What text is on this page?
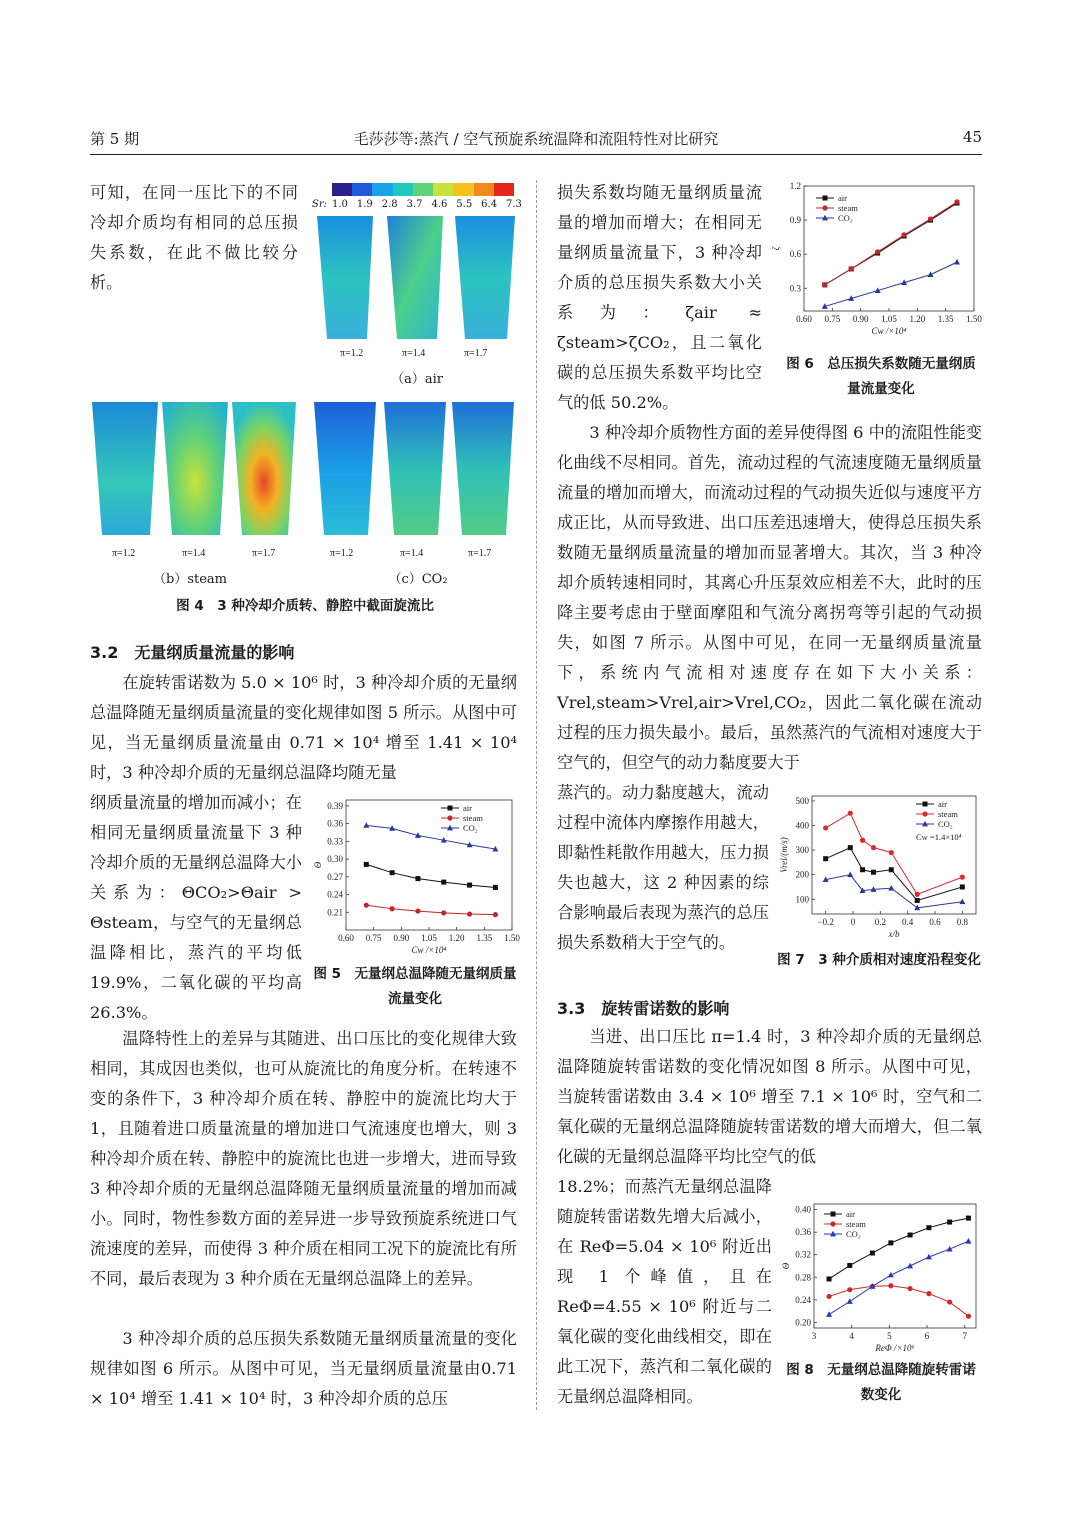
第 5 期	毛莎莎等:蒸汽 / 空气预旋系统温降和流阻特性对比研究	45

可知，在同一压比下的不同冷却介质均有相同的总压损失系数，在此不做比较分析。

Sr: 1.0 1.9 2.8 3.7 4.6 5.5 6.4 7.3
π=1.2	π=1.4	π=1.7
（a）air
π=1.2	π=1.4	π=1.7
（b）steam
π=1.2	π=1.4	π=1.7
（c）CO₂
图 4　3 种冷却介质转、静腔中截面旋流比
3.2　无量纲质量流量的影响

在旋转雷诺数为 5.0 × 10⁶ 时，3 种冷却介质的无量纲总温降随无量纲质量流量的变化规律如图 5 所示。从图中可见，当无量纲质量流量由 0.71 × 10⁴ 增至 1.41 × 10⁴ 时，3 种冷却介质的无量纲总温降均随无量

纲质量流量的增加而减小；在相同无量纲质量流量下 3 种冷却介质的无量纲总温降大小关系为：ΘCO₂>Θair > Θsteam，与空气的无量纲总温降相比，蒸汽的平均低 19.9%，二氧化碳的平均高 26.3%。

0.60 0.75 0.90 1.05 1.20 1.35 1.50
0.21
0.24
0.27
0.30
0.33
0.36
0.39
Cw /×10⁴
Θ
air
steam
CO₂
图 5　无量纲总温降随无量纲质量流量变化

温降特性上的差异与其随进、出口压比的变化规律大致相同，其成因也类似，也可从旋流比的角度分析。在转速不变的条件下，3 种冷却介质在转、静腔中的旋流比均大于 1，且随着进口质量流量的增加进口气流速度也增大，则 3 种冷却介质在转、静腔中的旋流比也进一步增大，进而导致 3 种冷却介质的无量纲总温降随无量纲质量流量的增加而减小。同时，物性参数方面的差异进一步导致预旋系统进口气流速度的差异，而使得 3 种介质在相同工况下的旋流比有所不同，最后表现为 3 种介质在无量纲总温降上的差异。

3 种冷却介质的总压损失系数随无量纲质量流量的变化规律如图 6 所示。从图中可见，当无量纲质量流量由0.71 × 10⁴ 增至 1.41 × 10⁴ 时，3 种冷却介质的总压

损失系数均随无量纲质量流量的增加而增大；在相同无量纲质量流量下，3 种冷却介质的总压损失系数大小关系为：ζair ≈ ζsteam>ζCO₂，且二氧化碳的总压损失系数平均比空气的低 50.2%。

0.60 0.75 0.90 1.05 1.20 1.35 1.50
0.3
0.6
0.9
1.2
Cw /×10⁴
ζ
air
steam
CO₂
图 6　总压损失系数随无量纲质量流量变化

3 种冷却介质物性方面的差异使得图 6 中的流阻性能变化曲线不尽相同。首先，流动过程的气流速度随无量纲质量流量的增加而增大，而流动过程的气动损失近似与速度平方成正比，从而导致进、出口压差迅速增大，使得总压损失系数随无量纲质量流量的增加而显著增大。其次，当 3 种冷却介质转速相同时，其离心升压泵效应相差不大，此时的压降主要考虑由于壁面摩阻和气流分离拐弯等引起的气动损失，如图 7 所示。从图中可见，在同一无量纲质量流量下，系统内气流相对速度存在如下大小关系：Vrel,steam>Vrel,air>Vrel,CO₂，因此二氧化碳在流动过程的压力损失最小。最后，虽然蒸汽的气流相对速度大于空气的，但空气的动力黏度要大于

蒸汽的。动力黏度越大，流动过程中流体内摩擦作用越大，即黏性耗散作用越大，压力损失也越大，这 2 种因素的综合影响最后表现为蒸汽的总压损失系数稍大于空气的。

−0.2 0 0.2 0.4 0.6 0.8
100
200
300
400
500
x/b
Vrel/(m/s)
air
steam
CO₂
Cw =1.4×10⁴
图 7　3 种介质相对速度沿程变化
3.3　旋转雷诺数的影响

当进、出口压比 π=1.4 时，3 种冷却介质的无量纲总温降随旋转雷诺数的变化情况如图 8 所示。从图中可见，当旋转雷诺数由 3.4 × 10⁶ 增至 7.1 × 10⁶ 时，空气和二氧化碳的无量纲总温降随旋转雷诺数的增大而增大，但二氧化碳的无量纲总温降平均比空气的低

18.2%；而蒸汽无量纲总温降随旋转雷诺数先增大后减小，在 ReΦ=5.04 × 10⁶ 附近出现 1 个峰值，且在 ReΦ=4.55 × 10⁶ 附近与二氧化碳的变化曲线相交，即在此工况下，蒸汽和二氧化碳的无量纲总温降相同。

3	4	5	6	7
0.20
0.24
0.28
0.32
0.36
0.40
ReΦ /×10⁶
Θ
air
steam
CO₂
图 8　无量纲总温降随旋转雷诺数变化
